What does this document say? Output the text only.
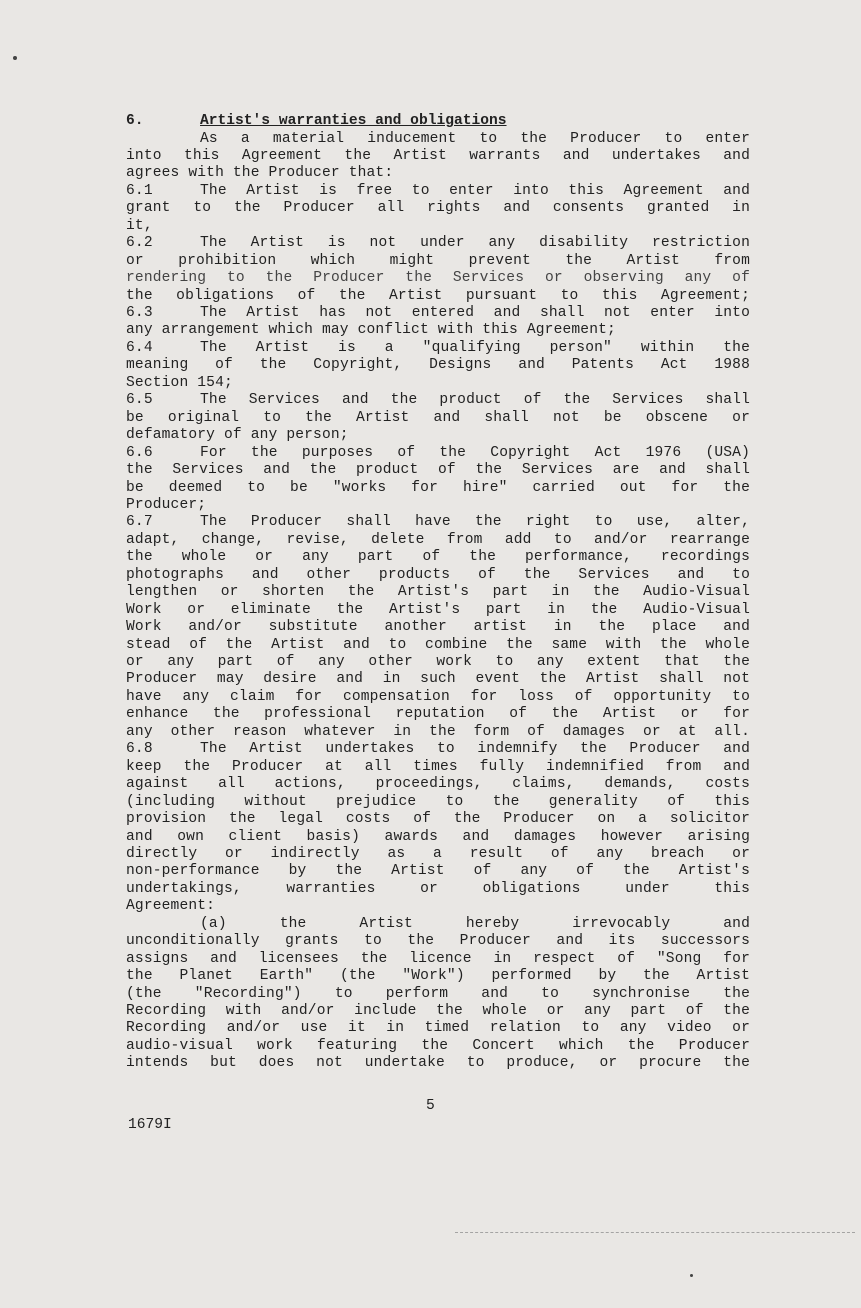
6.	Artist's warranties and obligations
As a material inducement to the Producer to enter
into this Agreement the Artist warrants and undertakes and
agrees with the Producer that:
6.1	The Artist is free to enter into this Agreement and
grant to the Producer all rights and consents granted in
it,
6.2	The Artist is not under any disability restriction
or prohibition which might prevent the Artist from
rendering to the Producer the Services or observing any of
the obligations of the Artist pursuant to this Agreement;
6.3	The Artist has not entered and shall not enter into
any arrangement which may conflict with this Agreement;
6.4	The Artist is a "qualifying person" within the
meaning of the Copyright, Designs and Patents Act 1988
Section 154;
6.5	The Services and the product of the Services shall
be original to the Artist and shall not be obscene or
defamatory of any person;
6.6	For the purposes of the Copyright Act 1976 (USA)
the Services and the product of the Services are and shall
be deemed to be "works for hire" carried out for the
Producer;
6.7	The Producer shall have the right to use, alter,
adapt, change, revise, delete from add to and/or rearrange
the whole or any part of the performance, recordings
photographs and other products of the Services and to
lengthen or shorten the Artist's part in the Audio-Visual
Work or eliminate the Artist's part in the Audio-Visual
Work and/or substitute another artist in the place and
stead of the Artist and to combine the same with the whole
or any part of any other work to any extent that the
Producer may desire and in such event the Artist shall not
have any claim for compensation for loss of opportunity to
enhance the professional reputation of the Artist or for
any other reason whatever in the form of damages or at all.
6.8	The Artist undertakes to indemnify the Producer and
keep the Producer at all times fully indemnified from and
against all actions, proceedings, claims, demands, costs
(including without prejudice to the generality of this
provision the legal costs of the Producer on a solicitor
and own client basis) awards and damages however arising
directly or indirectly as a result of any breach or
non-performance by the Artist of any of the Artist's
undertakings, warranties or obligations under this
Agreement:
(a) the Artist hereby irrevocably and
unconditionally grants to the Producer and its successors
assigns and licensees the licence in respect of "Song for
the Planet Earth" (the "Work") performed by the Artist
(the "Recording") to perform and to synchronise the
Recording with and/or include the whole or any part of the
Recording and/or use it in timed relation to any video or
audio-visual work featuring the Concert which the Producer
intends but does not undertake to produce, or procure the
5
1679I
